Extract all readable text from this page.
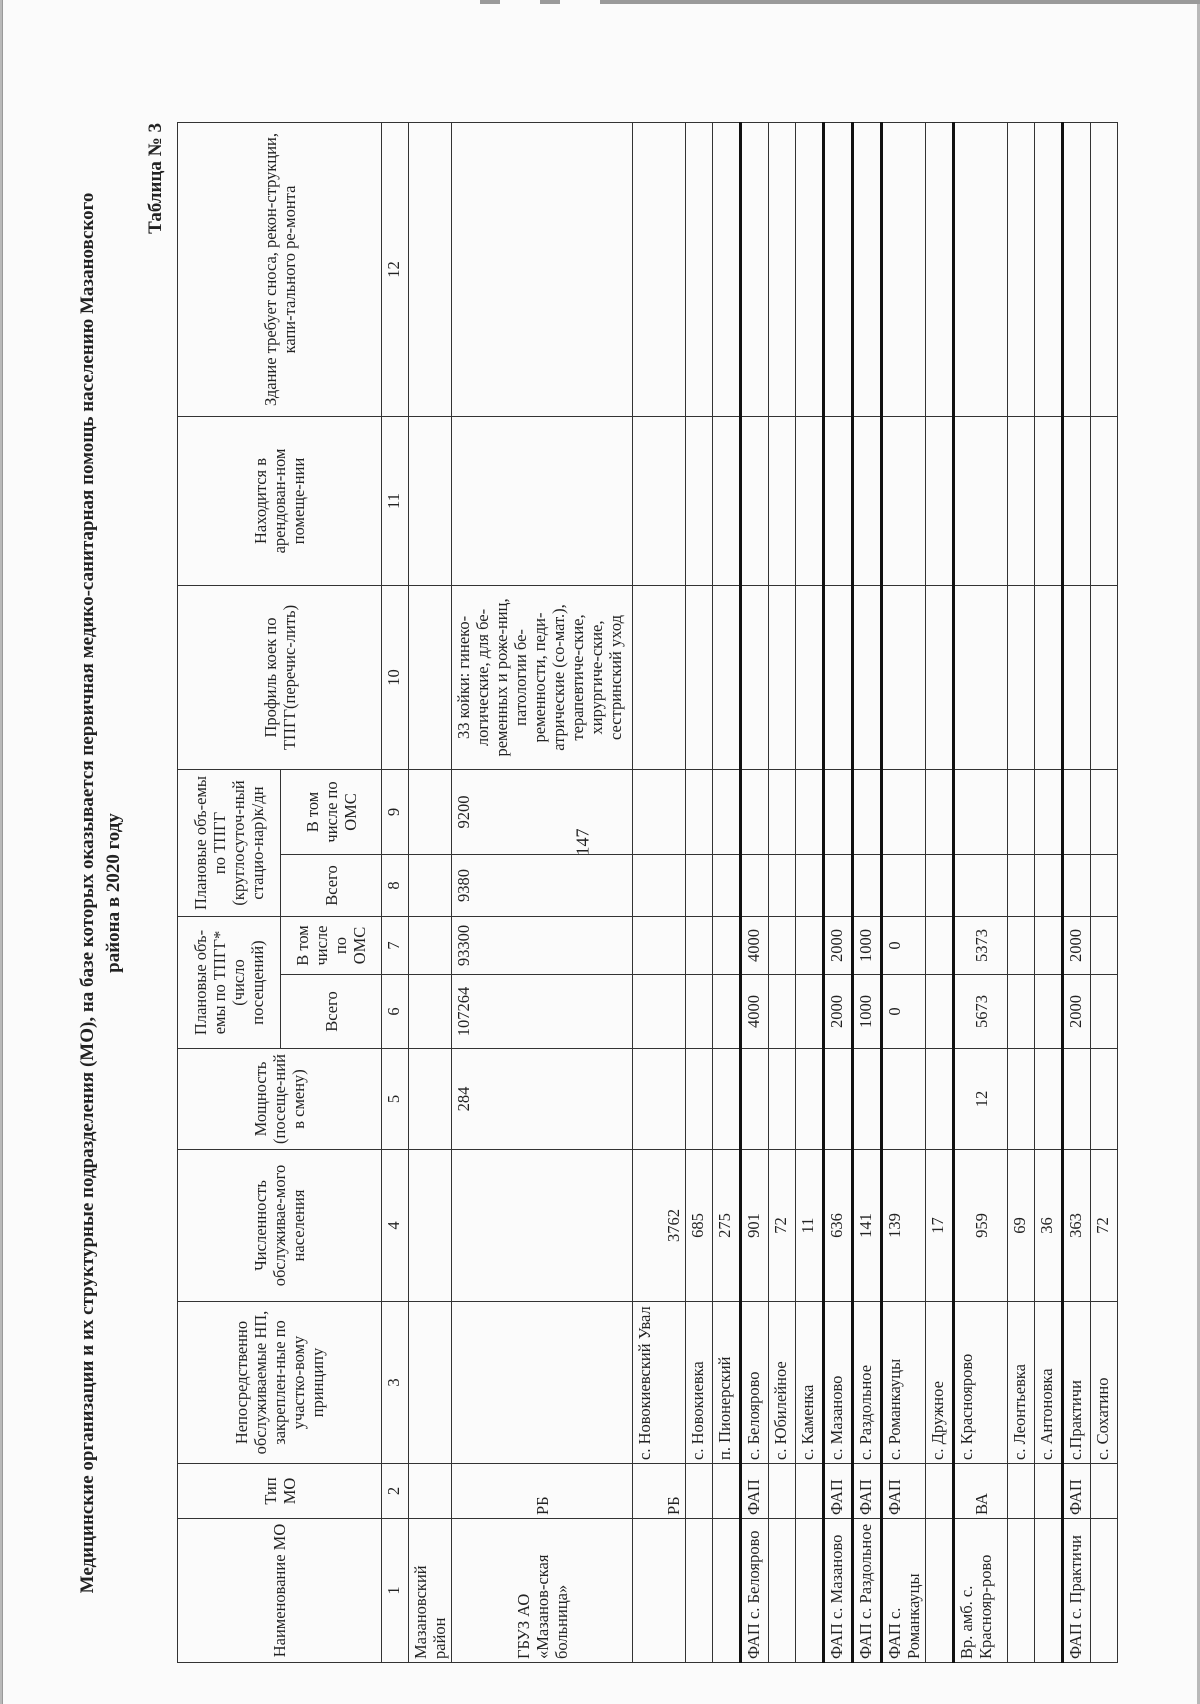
147
Медицинские организации и их структурные подразделения (МО), на базе которых оказывается первичная медико-санитарная помощь населению Мазановского района в 2020 году
Таблица № 3
Наименование МО	Тип МО	Непосредственно обслуживаемые НП, закреплен-ные по участко-вому принципу	Численность обслуживае-мого населения	Мощность (посеще-ний в смену)	Плановые объ-емы по ТПГГ*(число посещений)		Плановые объ-емы по ТПГГ (круглосуточ-ный стацио-нар)к/дн		Профиль коек по ТПГГ(перечис-лить)	Находится в арендован-ном помеще-нии	Здание требует сноса, рекон-струкции, капи-тального ре-монта
					Всего	В том числе по ОМС	Всего	В том числе по ОМС			
1	2	3	4	5	6	7	8	9	10	11	12
Мазановский район											
ГБУЗ АО «Мазанов-ская больница»	РБ			284	107264	93300	9380	9200	33 койки: гинеко-логические, для бе-ременных и роже-ниц, патологии бе-ременности, педи-атрические (со-мат.), терапевтиче-ские, хирургиче-ские, сестринский уход		
	РБ	с. Новокиевский Увал	3762								
		с. Новокиевка	685								
		п. Пионерский	275								
ФАП с. Белоярово	ФАП	с. Белоярово	901		4000	4000					
		с. Юбилейное	72								
		с. Каменка	11								
ФАП с. Мазаново	ФАП	с. Мазаново	636		2000	2000					
ФАП с. Раздольное	ФАП	с. Раздольное	141		1000	1000					
ФАП с. Романкауцы	ФАП	с. Романкауцы	139		0	0					
		с. Дружное	17								
Вр. амб. с. Краснояр-рово	ВА	с. Красноярово	959	12	5673	5373					
		с. Леонтьевка	69								
		с. Антоновка	36								
ФАП с. Практичи	ФАП	с.Практичи	363		2000	2000					
		с. Сохатино	72								
